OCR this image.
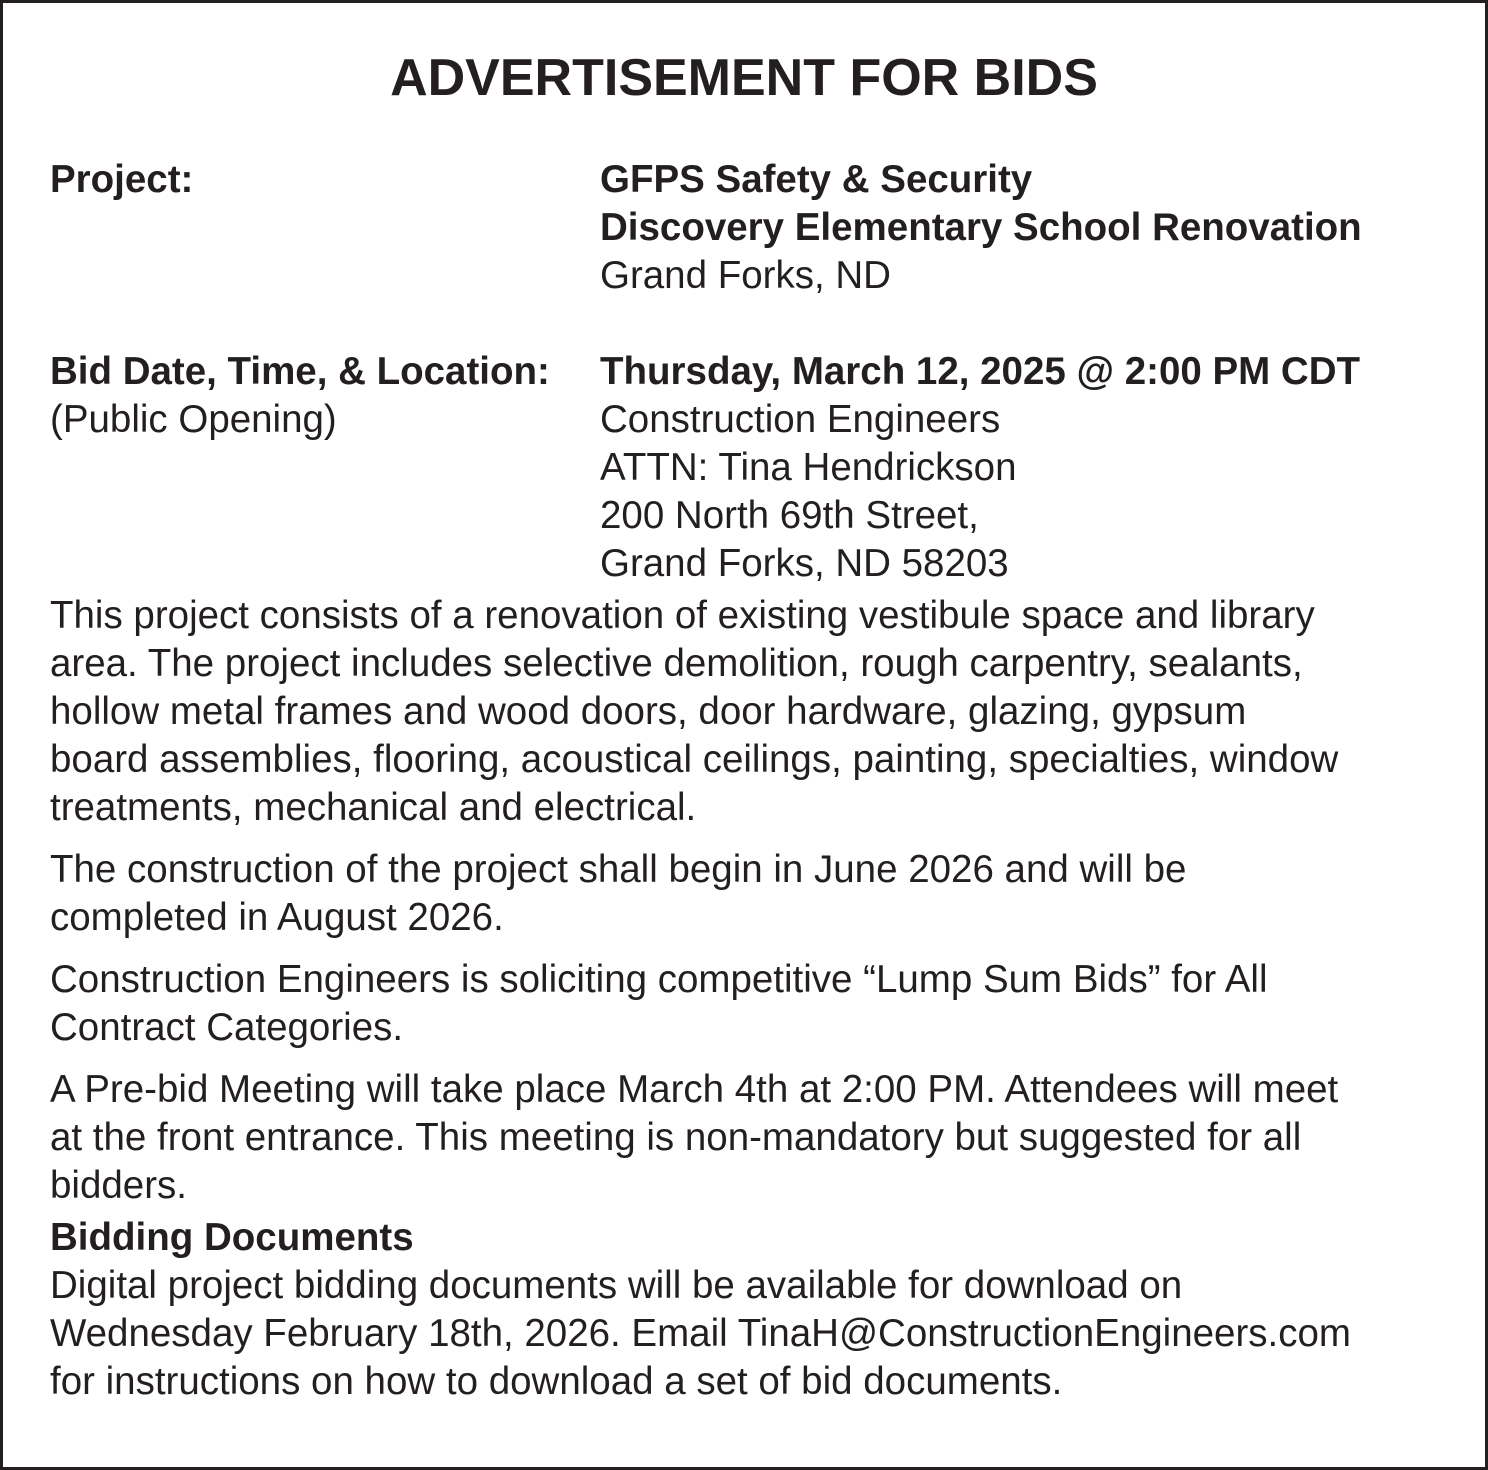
ADVERTISEMENT FOR BIDS
Project:	GFPS Safety & Security
Discovery Elementary School Renovation
Grand Forks, ND
Bid Date, Time, & Location:
(Public Opening)
Thursday, March 12, 2025 @ 2:00 PM CDT
Construction Engineers
ATTN: Tina Hendrickson
200 North 69th Street,
Grand Forks, ND 58203

This project consists of a renovation of existing vestibule space and library
area. The project includes selective demolition, rough carpentry, sealants,
hollow metal frames and wood doors, door hardware, glazing, gypsum
board assemblies, flooring, acoustical ceilings, painting, specialties, window
treatments, mechanical and electrical.

The construction of the project shall begin in June 2026 and will be
completed in August 2026.

Construction Engineers is soliciting competitive “Lump Sum Bids” for All
Contract Categories.

A Pre-bid Meeting will take place March 4th at 2:00 PM. Attendees will meet
at the front entrance. This meeting is non-mandatory but suggested for all
bidders.

Bidding Documents

Digital project bidding documents will be available for download on
Wednesday February 18th, 2026. Email TinaH@ConstructionEngineers.com
for instructions on how to download a set of bid documents.
